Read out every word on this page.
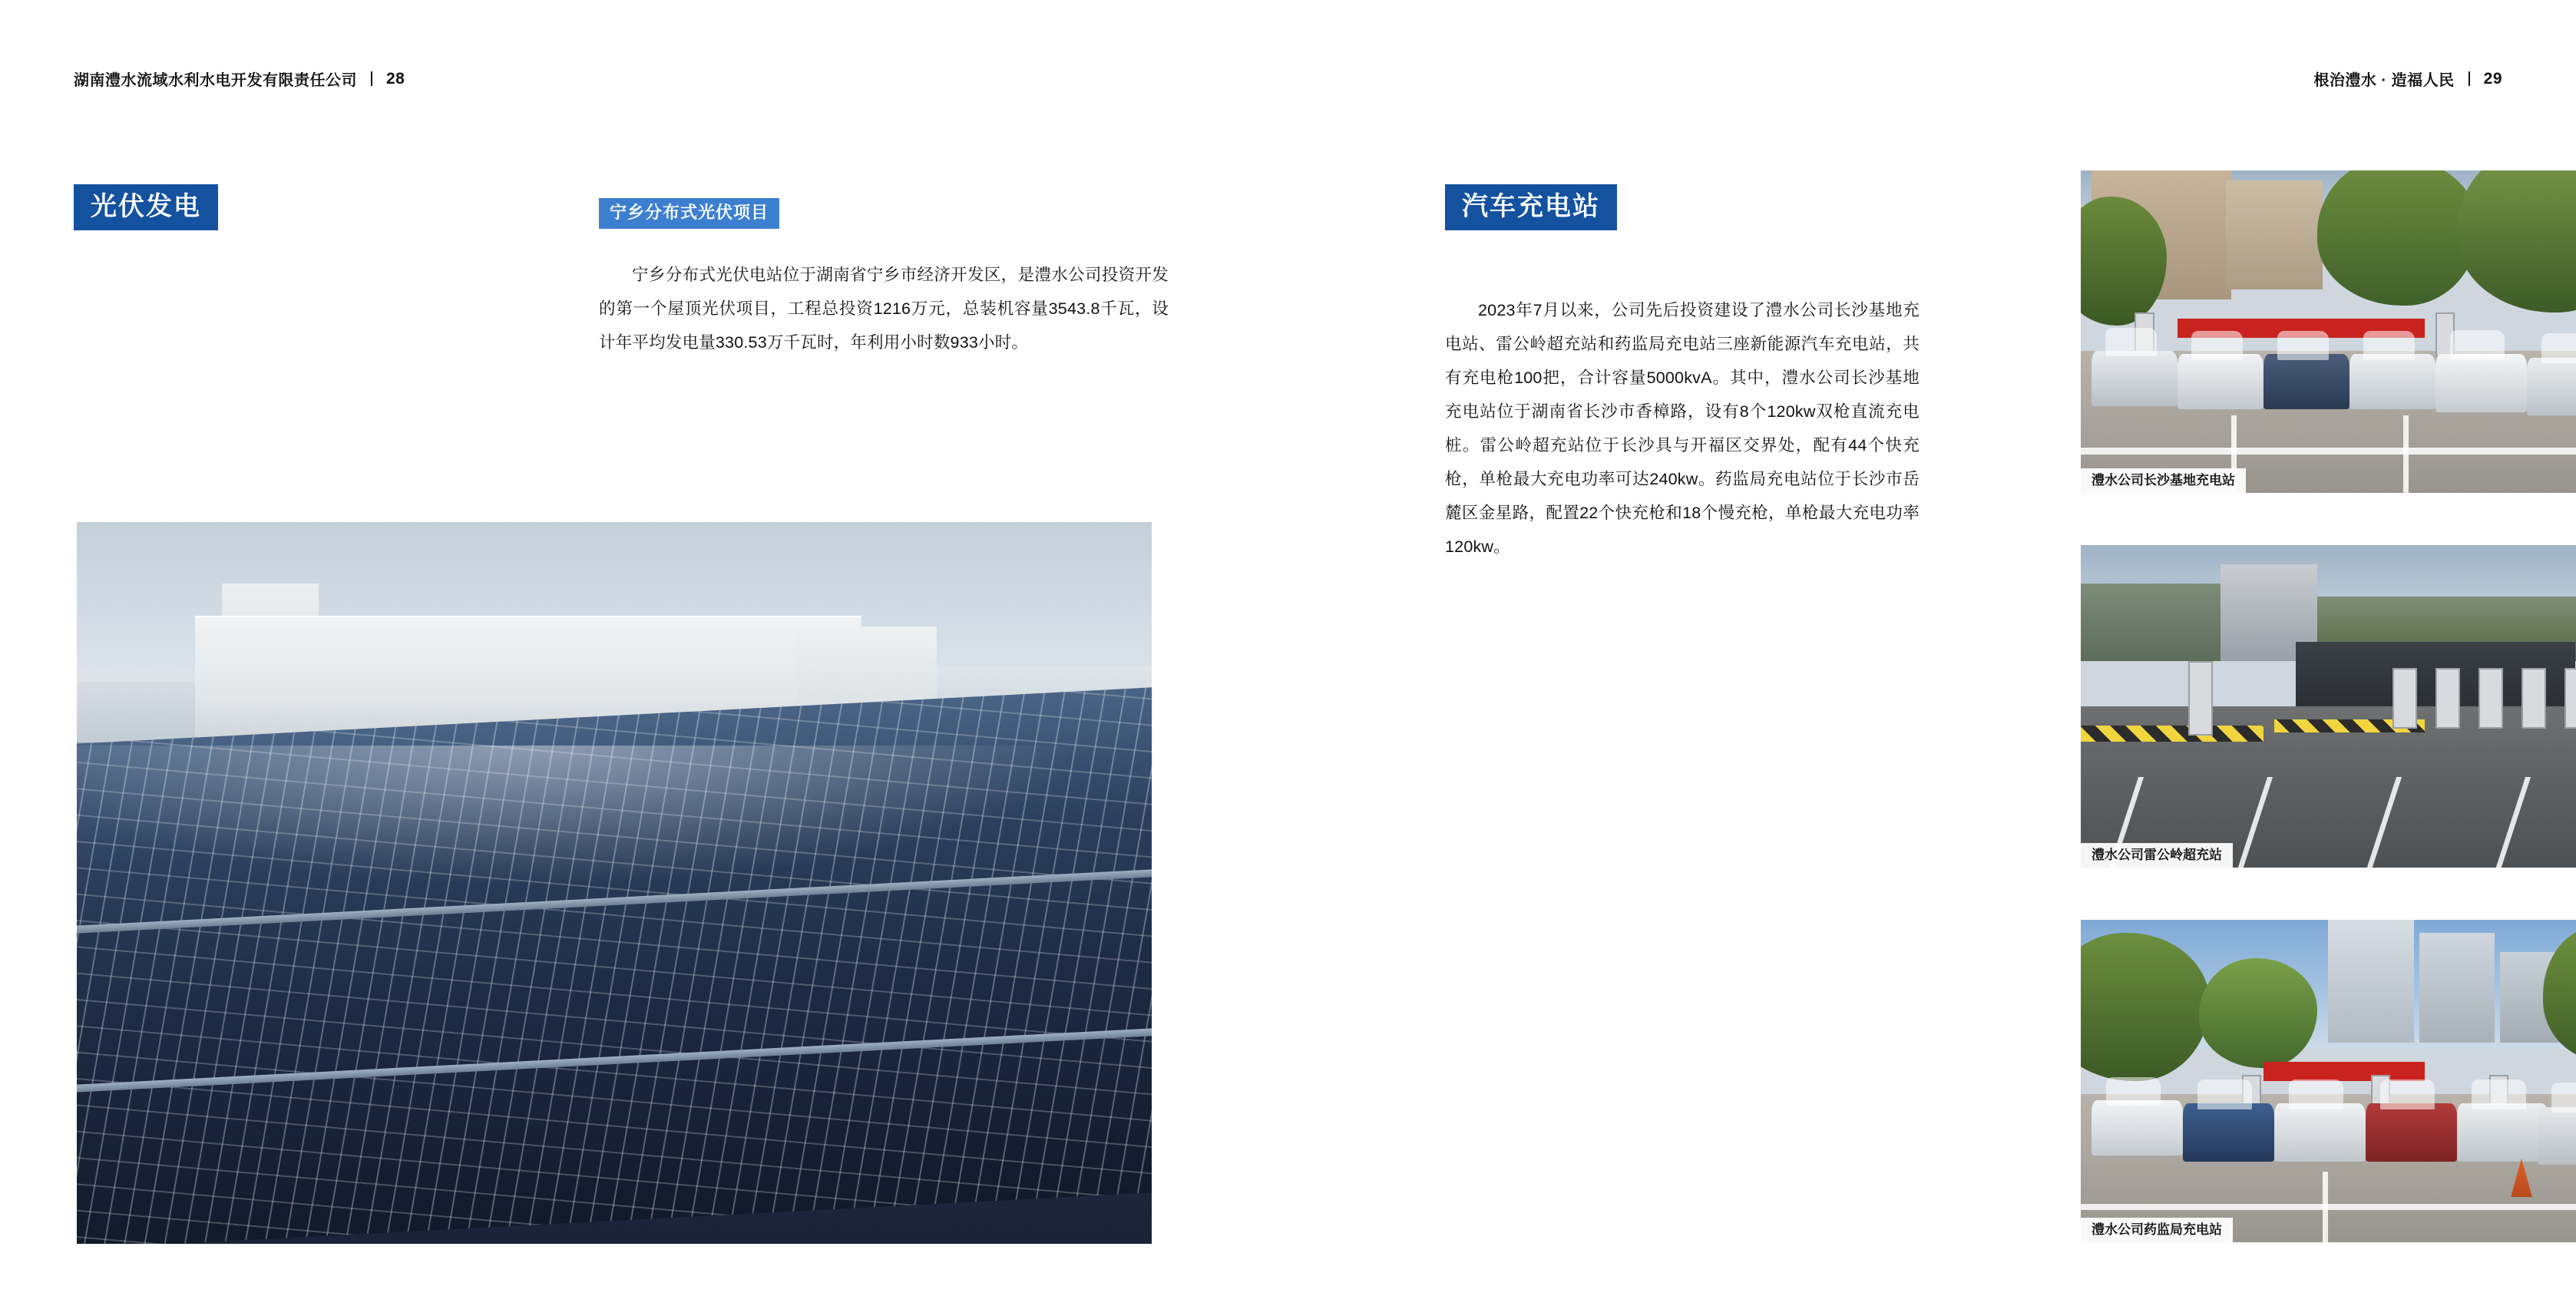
湖南澧水流域水利水电开发有限责任公司 28
光伏发电	宁乡分布式光伏项目

宁乡分布式光伏电站位于湖南省宁乡市经济开发区，是澧水公司投资开发的第一个屋顶光伏项目，工程总投资1216万元，总装机容量3543.8千瓦，设计年平均发电量330.53万千瓦时，年利用小时数933小时。

根治澧水 · 造福人民 29
汽车充电站

2023年7月以来，公司先后投资建设了澧水公司长沙基地充电站、雷公岭超充站和药监局充电站三座新能源汽车充电站，共有充电枪100把，合计容量5000kvA。其中，澧水公司长沙基地充电站位于湖南省长沙市香樟路，设有8个120kw双枪直流充电桩。雷公岭超充站位于长沙具与开福区交界处，配有44个快充枪，单枪最大充电功率可达240kw。药监局充电站位于长沙市岳麓区金星路，配置22个快充枪和18个慢充枪，单枪最大充电功率120kw。

澧水公司长沙基地充电站
澧水公司雷公岭超充站
澧水公司药监局充电站
